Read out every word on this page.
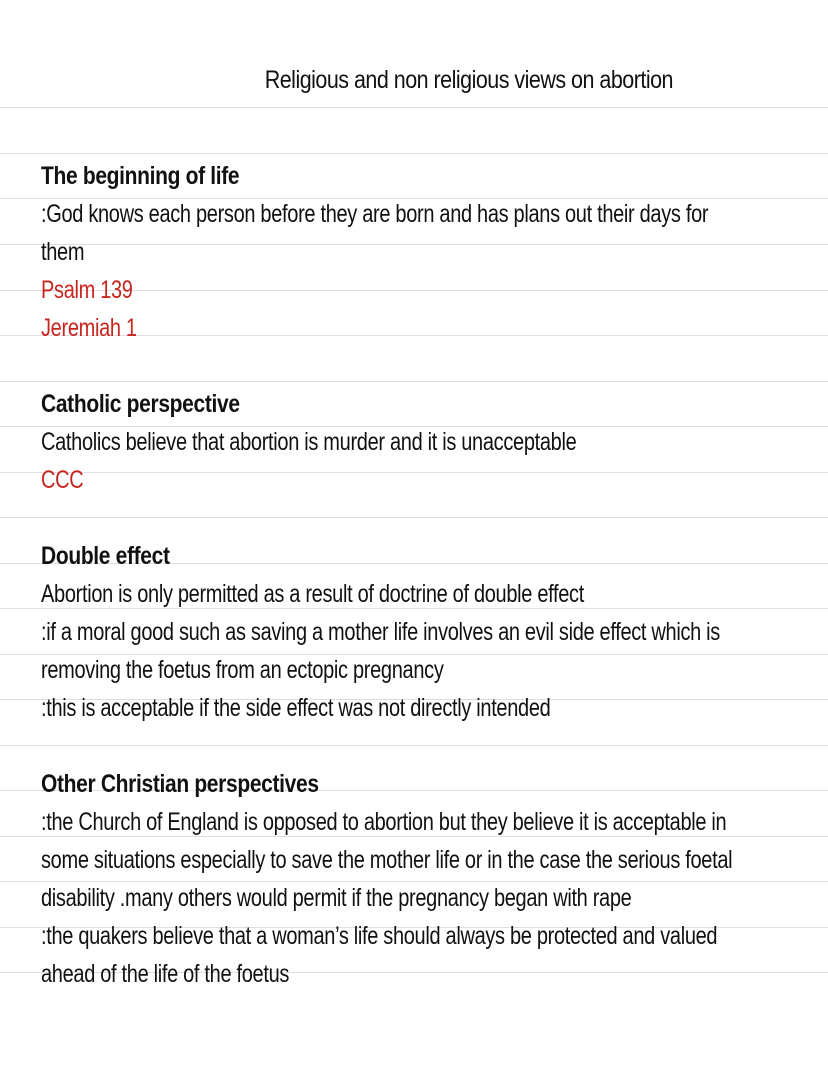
Religious and non religious views on abortion
The beginning of life
:God knows each person before they are born and has plans out their days for
them
Psalm 139
Jeremiah 1
Catholic perspective
Catholics believe that abortion is murder and it is unacceptable
CCC
Double effect
Abortion is only permitted as a result of doctrine of double effect
:if a moral good such as saving a mother life involves an evil side effect which is
removing the foetus from an ectopic pregnancy
:this is acceptable if the side effect was not directly intended
Other Christian perspectives
:the Church of England is opposed to abortion but they believe it is acceptable in
some situations especially to save the mother life or in the case the serious foetal
disability .many others would permit if the pregnancy began with rape
:the quakers believe that a woman’s life should always be protected and valued
ahead of the life of the foetus
